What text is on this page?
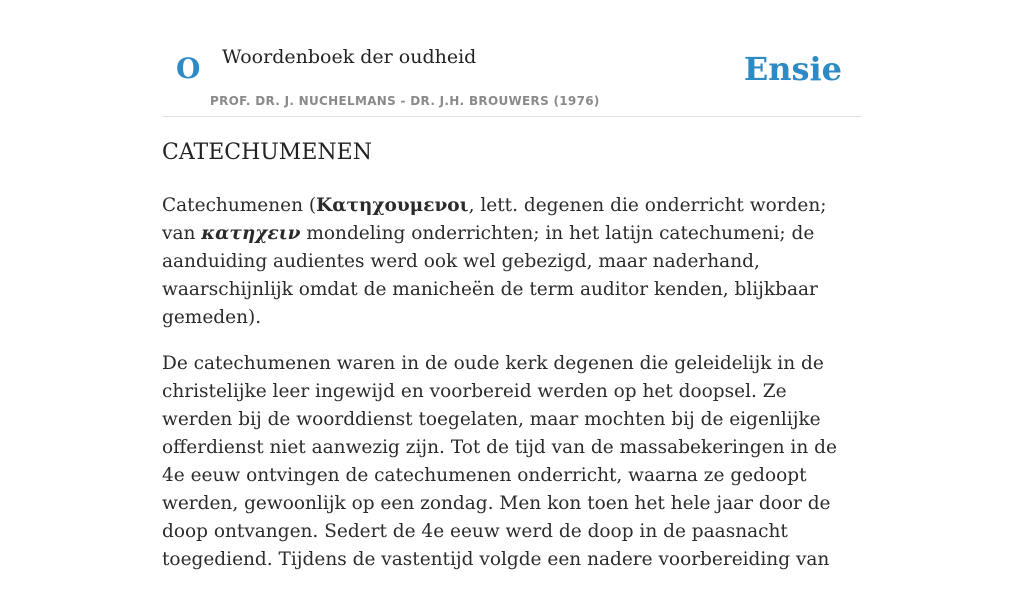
O Woordenboek der oudheid
PROF. DR. J. NUCHELMANS - DR. J.H. BROUWERS (1976)
Ensie
CATECHUMENEN

Catechumenen (Κατηχουμενοι, lett. degenen die onderricht worden; van κατηχειν mondeling onderrichten; in het latijn catechumeni; de aanduiding audientes werd ook wel gebezigd, maar naderhand, waarschijnlijk omdat de manicheën de term auditor kenden, blijkbaar gemeden).

De catechumenen waren in de oude kerk degenen die geleidelijk in de christelijke leer ingewijd en voorbereid werden op het doopsel. Ze werden bij de woorddienst toegelaten, maar mochten bij de eigenlijke offerdienst niet aanwezig zijn. Tot de tijd van de massabekeringen in de 4e eeuw ontvingen de catechumenen onderricht, waarna ze gedoopt werden, gewoonlijk op een zondag. Men kon toen het hele jaar door de doop ontvangen. Sedert de 4e eeuw werd de doop in de paasnacht toegediend. Tijdens de vastentijd volgde een nadere voorbereiding van
